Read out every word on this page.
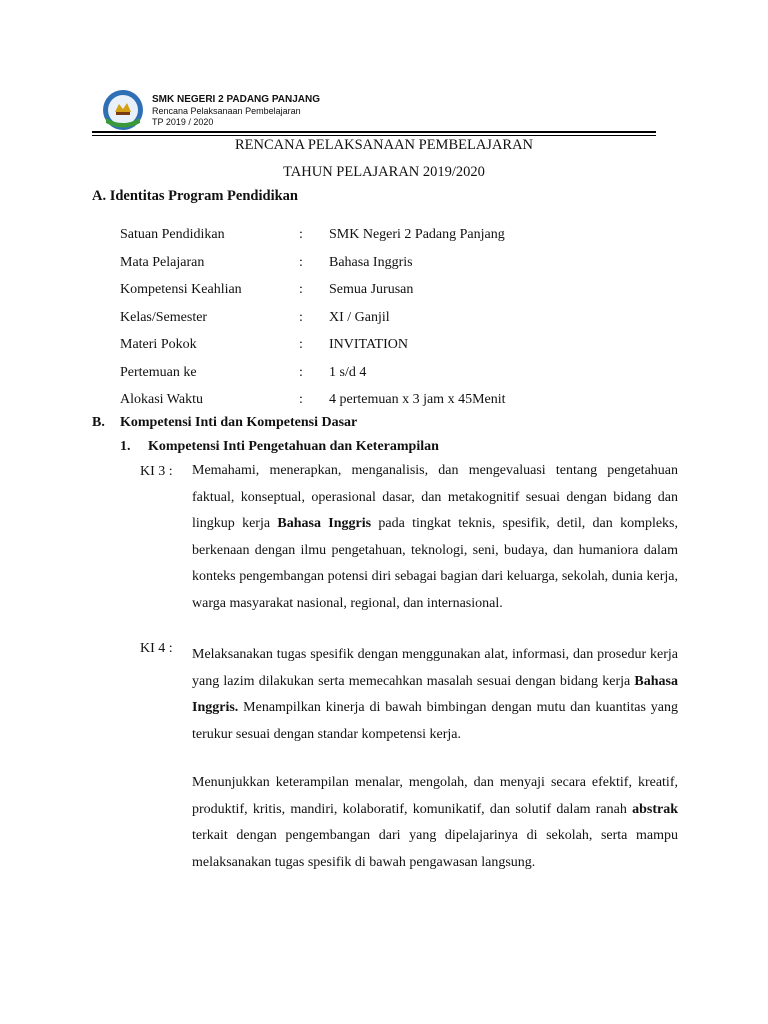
SMK NEGERI 2 PADANG PANJANG
Rencana Pelaksanaan Pembelajaran
TP 2019 / 2020
RENCANA PELAKSANAAN PEMBELAJARAN
TAHUN PELAJARAN 2019/2020
A. Identitas Program Pendidikan
Satuan Pendidikan	: SMK Negeri 2 Padang Panjang
Mata Pelajaran	: Bahasa Inggris
Kompetensi Keahlian	: Semua Jurusan
Kelas/Semester	: XI / Ganjil
Materi Pokok	: INVITATION
Pertemuan ke	: 1 s/d 4
Alokasi Waktu	: 4 pertemuan x 3 jam x 45Menit
B. Kompetensi Inti dan Kompetensi Dasar
1. Kompetensi Inti Pengetahuan dan Keterampilan
KI 3 : Memahami, menerapkan, menganalisis, dan mengevaluasi tentang pengetahuan faktual, konseptual, operasional dasar, dan metakognitif sesuai dengan bidang dan lingkup kerja Bahasa Inggris pada tingkat teknis, spesifik, detil, dan kompleks, berkenaan dengan ilmu pengetahuan, teknologi, seni, budaya, dan humaniora dalam konteks pengembangan potensi diri sebagai bagian dari keluarga, sekolah, dunia kerja, warga masyarakat nasional, regional, dan internasional.
KI 4 : Melaksanakan tugas spesifik dengan menggunakan alat, informasi, dan prosedur kerja yang lazim dilakukan serta memecahkan masalah sesuai dengan bidang kerja Bahasa Inggris. Menampilkan kinerja di bawah bimbingan dengan mutu dan kuantitas yang terukur sesuai dengan standar kompetensi kerja.
Menunjukkan keterampilan menalar, mengolah, dan menyaji secara efektif, kreatif, produktif, kritis, mandiri, kolaboratif, komunikatif, dan solutif dalam ranah abstrak terkait dengan pengembangan dari yang dipelajarinya di sekolah, serta mampu melaksanakan tugas spesifik di bawah pengawasan langsung.
